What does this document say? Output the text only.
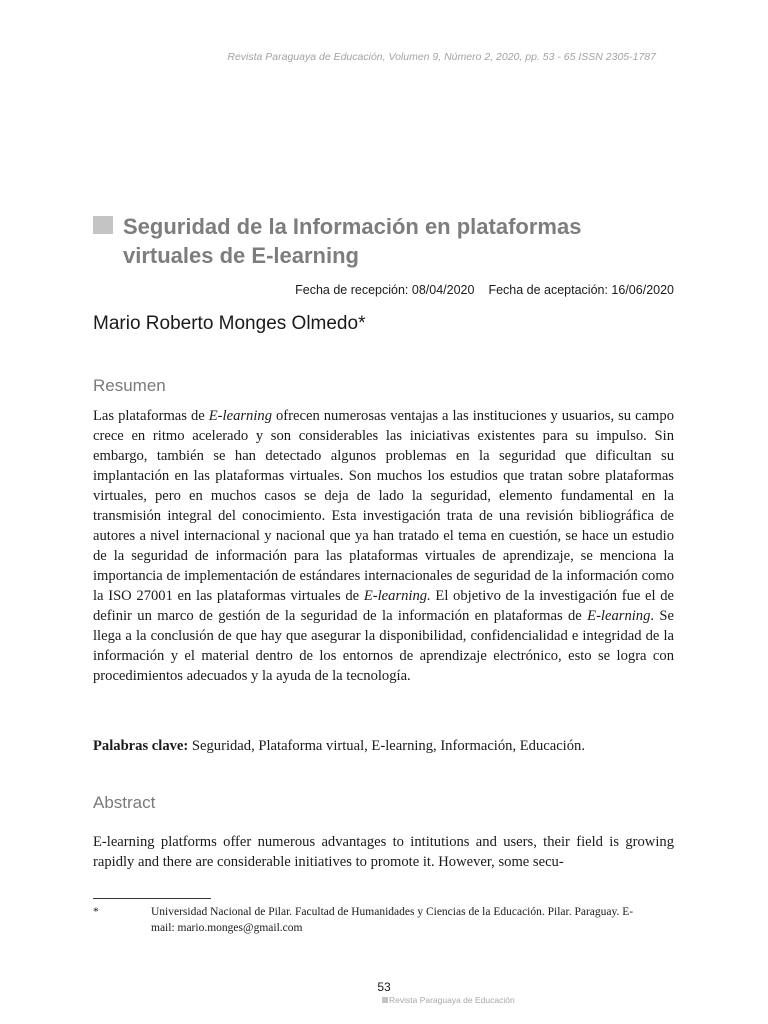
Revista Paraguaya de Educación, Volumen 9, Número 2, 2020, pp. 53 - 65 ISSN 2305-1787
Seguridad de la Información en plataformas
virtuales de E-learning
Fecha de recepción: 08/04/2020 Fecha de aceptación: 16/06/2020
Mario Roberto Monges Olmedo*
Resumen

Las plataformas de E-learning ofrecen numerosas ventajas a las instituciones y usuarios, su campo crece en ritmo acelerado y son considerables las iniciativas existentes para su impulso. Sin embargo, también se han detectado algunos problemas en la seguridad que dificultan su implantación en las plataformas virtuales. Son muchos los estudios que tratan sobre plataformas virtuales, pero en muchos casos se deja de lado la seguridad, elemento fundamental en la transmisión integral del conocimiento. Esta investigación trata de una revisión bibliográfica de autores a nivel internacional y nacional que ya han tratado el tema en cuestión, se hace un estudio de la seguridad de información para las plataformas virtuales de aprendizaje, se menciona la importancia de implementación de estándares internacionales de seguridad de la información como la ISO 27001 en las plataformas virtuales de E-learning. El objetivo de la investigación fue el de definir un marco de gestión de la seguridad de la información en plataformas de E-learning. Se llega a la conclusión de que hay que asegurar la disponibilidad, confidencialidad e integridad de la información y el material dentro de los entornos de aprendizaje electrónico, esto se logra con procedimientos adecuados y la ayuda de la tecnología.

Palabras clave: Seguridad, Plataforma virtual, E-learning, Información, Educación.

Abstract

E-learning platforms offer numerous advantages to intitutions and users, their field is growing rapidly and there are considerable initiatives to promote it. However, some secu-

*	Universidad Nacional de Pilar. Facultad de Humanidades y Ciencias de la Educación. Pilar. Paraguay. E-mail: mario.monges@gmail.com
53
Revista Paraguaya de Educación
